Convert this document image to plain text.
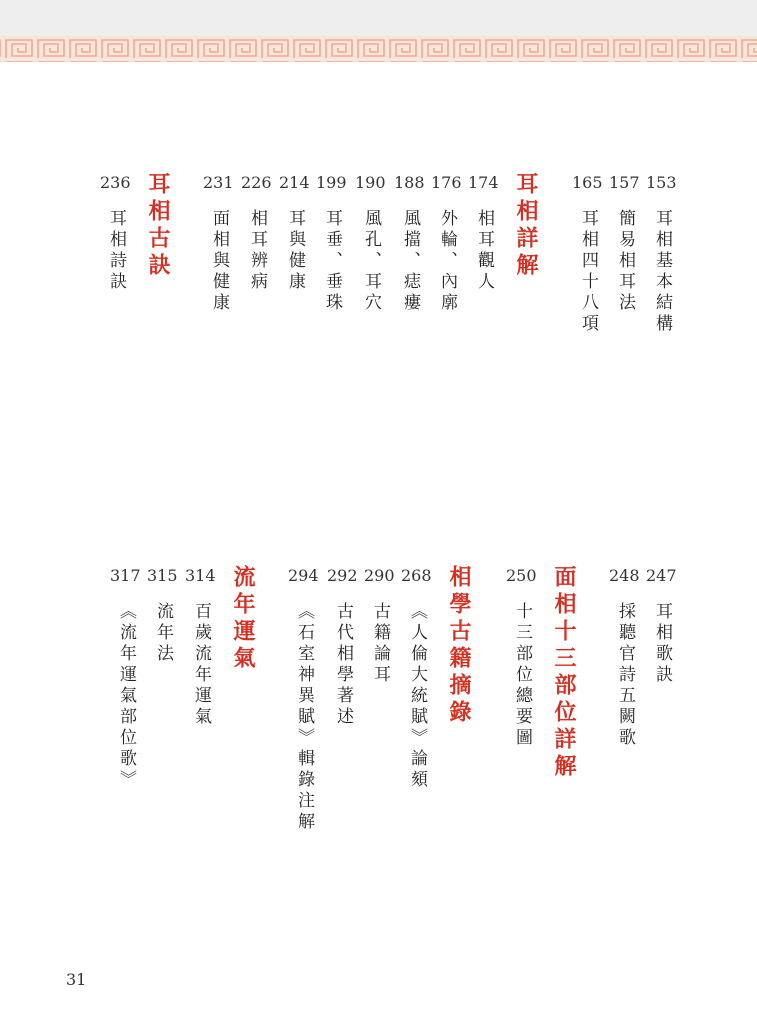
153
耳相基本結構
157
簡易相耳法
165
耳相四十八項
耳相詳解
174
相耳觀人
176
外輪、內廓
188
風擋、痣瘻
190
風孔、耳穴
199
耳垂、垂珠
214
耳與健康
226
相耳辨病
231
面相與健康
耳相古訣
236
耳相詩訣
247
耳相歌訣
248
採聽官詩五闕歌
面相十三部位詳解
250
十三部位總要圖
相學古籍摘錄
268
《人倫大統賦》論頦
290
古籍論耳
292
古代相學著述
294
《石室神異賦》輯錄注解
流年運氣
314
百歲流年運氣
315
流年法
317
《流年運氣部位歌》
31
